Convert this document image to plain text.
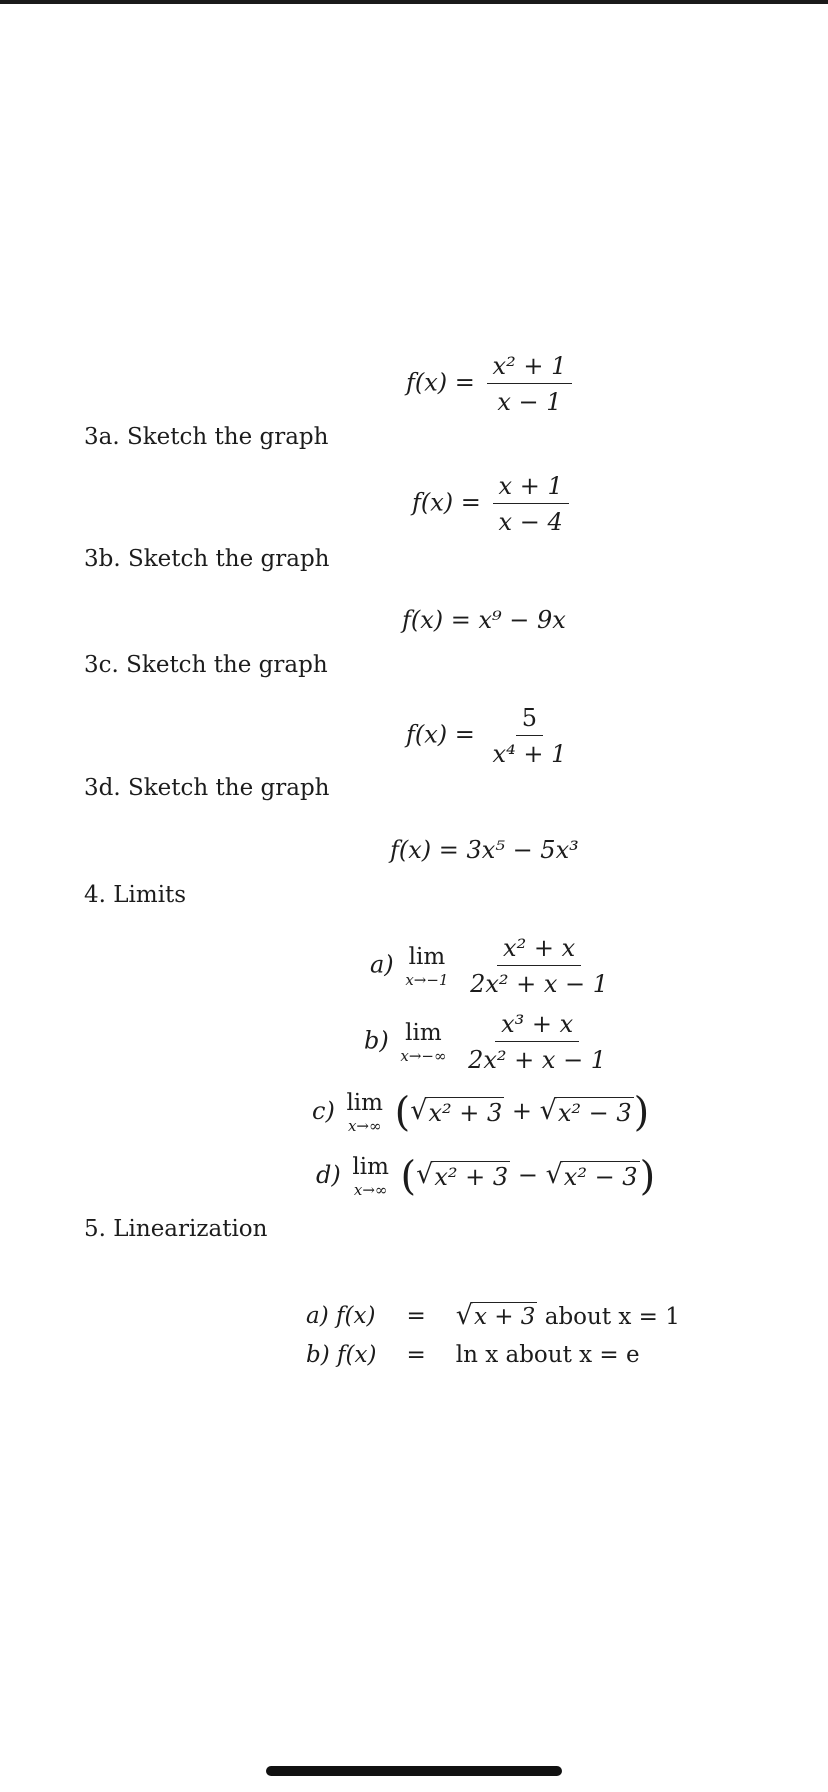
$f(x) = \frac{\text{x² + 1}}{x - 1}$
3a. Sketch the graph
$f(x) = \frac{x + 1}{x - 4}$
3b. Sketch the graph
f(x) = x⁹ − 9x
3c. Sketch the graph
$f(x) = \frac{5}{\text{x⁴ + 1}}$
3d. Sketch the graph
f(x) = 3x⁵ − 5x³
4. Limits
a) lim
x→−1
$\frac{\text{x² + x}}{\text{2x² + x − 1}}$
b) lim
x→−∞
$\frac{\text{x³ + x}}{\text{2x² + x − 1}}$
c) lim
x→∞ ( √ x² + 3 + √ x² − 3 )
d) lim
x→∞ ( √ x² + 3 − √ x² − 3 )
5. Linearization
a) f(x)	=	√ x + 3 about x = 1
b) f(x)	=	ln x about x = e
